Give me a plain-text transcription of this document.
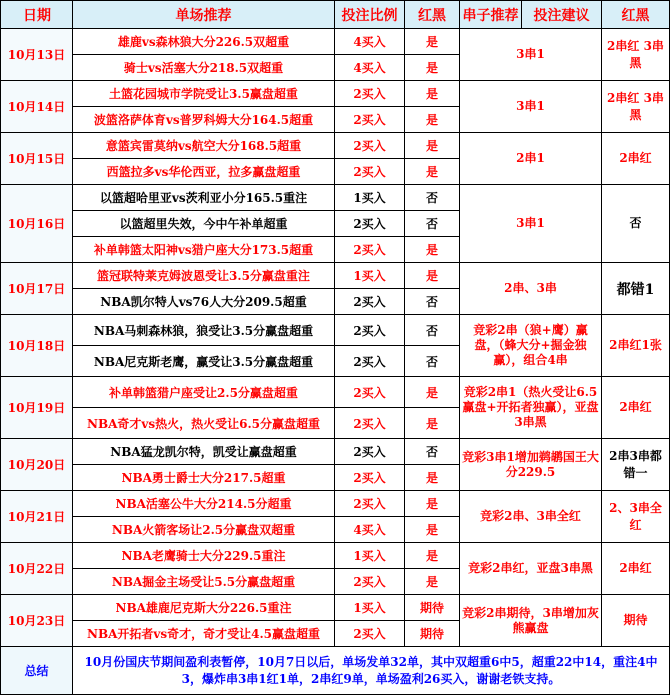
日期	单场推荐	投注比例	红黑	串子推荐	投注建议	红黑
10月13日	雄鹿vs森林狼大分226.5双超重	4买入	是	3串1		2串红 3串黑
	骑士vs活塞大分218.5双超重	4买入	是			
10月14日	土篮花园城市学院受让3.5赢盘超重	2买入	是	3串1		2串红 3串黑
	波篮洛萨体育vs普罗科姆大分164.5超重	2买入	是			
10月15日	意篮宾雷莫纳vs航空大分168.5超重	2买入	是	2串1		2串红
	西篮拉多vs华伦西亚，拉多赢盘超重	2买入	是			
10月16日	以篮超哈里亚vs茨利亚小分165.5重注	1买入	否	3串1		否
	以篮超里失效，今中午补单超重	2买入	否			
	补单韩篮太阳神vs猎户座大分173.5超重	2买入	是			
10月17日	篮冠联特莱克姆波恩受让3.5分赢盘重注	1买入	是	2串、3串		都错1
	NBA凯尔特人vs76人大分209.5超重	2买入	否			
10月18日	NBA马刺森林狼，狼受让3.5分赢盘超重	2买入	否	竞彩2串（狼+鹰）赢盘，（蜂大分+掘金独赢），组合4串		2串红1张
	NBA尼克斯老鹰，赢受让3.5分赢盘超重	2买入	否			
10月19日	补单韩篮猎户座受让2.5分赢盘超重	2买入	是	竞彩2串1（热火受让6.5赢盘+开拓者独赢），亚盘3串黑		2串红
	NBA奇才vs热火，热火受让6.5分赢盘超重	2买入	是			
10月20日	NBA猛龙凯尔特，凯受让赢盘超重	2买入	否	竞彩3串1增加鹈鹕国王大分229.5		2串3串都错一
	NBA勇士爵士大分217.5超重	2买入	是			
10月21日	NBA活塞公牛大分214.5分超重	2买入	是	竞彩2串、3串全红		2、3串全红
	NBA火箭客场让2.5分赢盘双超重	4买入	是			
10月22日	NBA老鹰骑士大分229.5重注	1买入	是	竞彩2串红，亚盘3串黑		2串红
	NBA掘金主场受让5.5分赢盘超重	2买入	是			
10月23日	NBA雄鹿尼克斯大分226.5重注	1买入	期待	竞彩2串期待，3串增加灰熊赢盘		期待
	NBA开拓者vs奇才，奇才受让4.5赢盘超重	2买入	期待			
总结	10月份国庆节期间盈利表暂停，10月7日以后，单场发单32单，其中双超重6中5，超重22中14，重注4中3，爆炸串3串1红1单，2串红9单，单场盈利26买入，谢谢老铁支持。					
